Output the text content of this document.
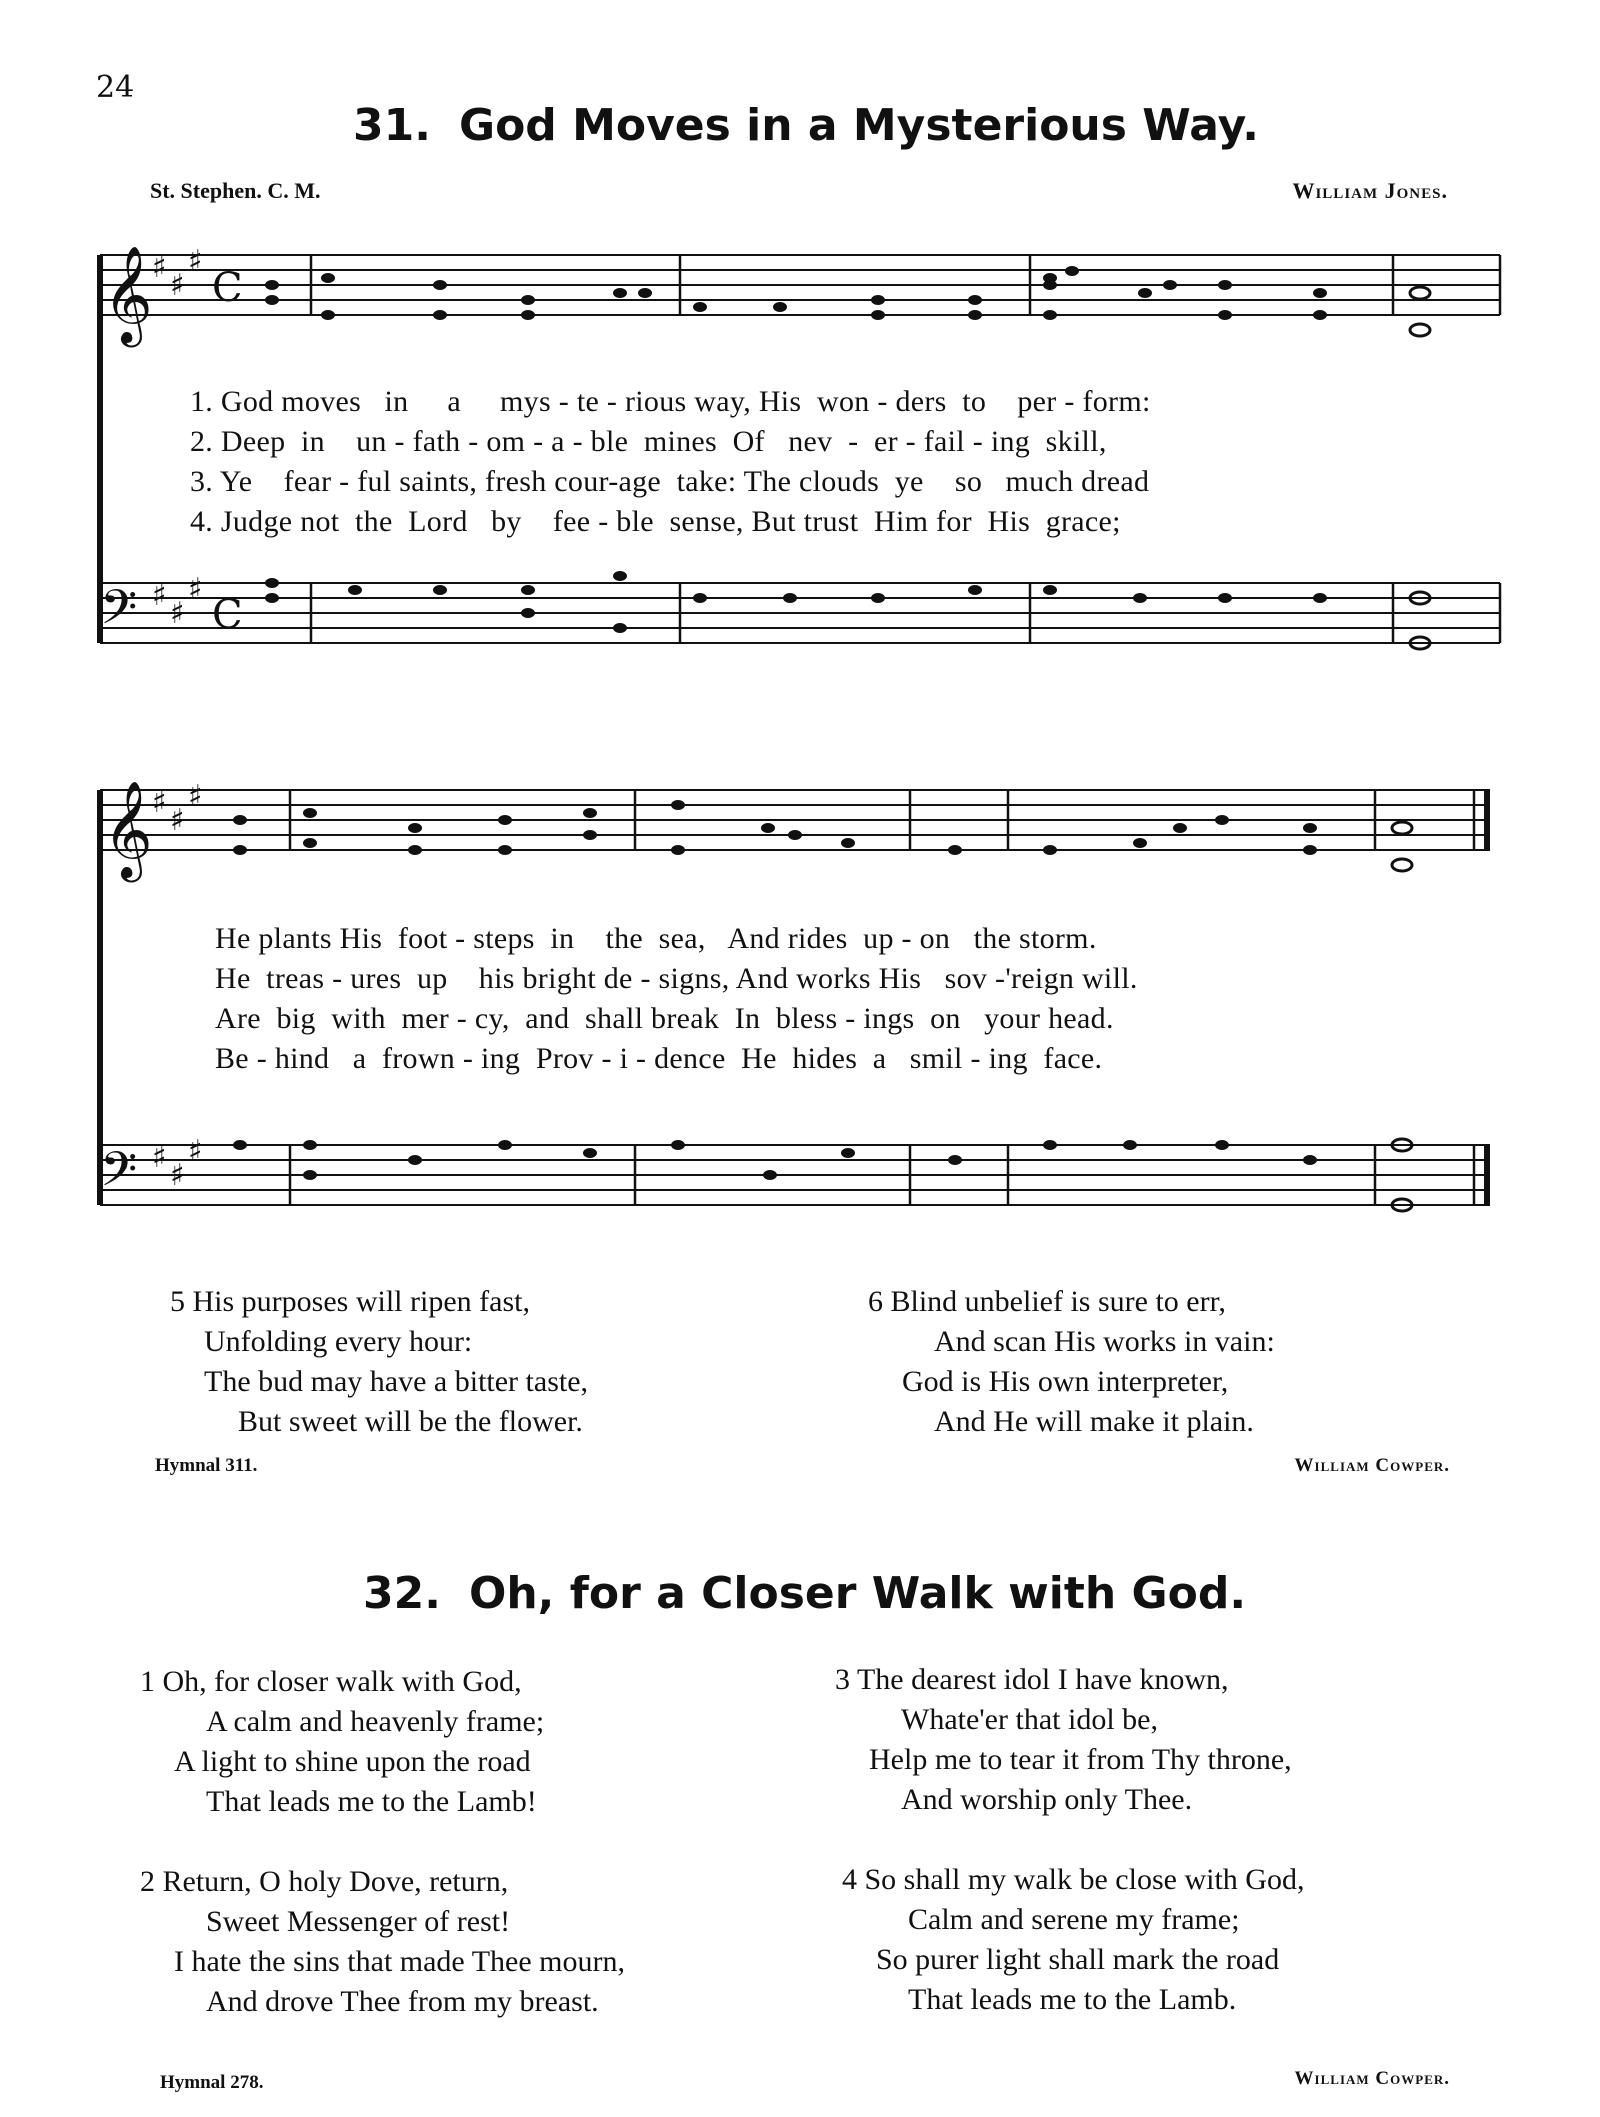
24
31. God Moves in a Mysterious Way.
St. Stephen. C. M.	William Jones.
𝄞 ♯
♯
♯
C
𝄢 ♯
♯
♯
C
1. God moves   in     a     mys - te - rious way, His  won - ders  to    per - form:
2. Deep  in    un - fath - om - a - ble  mines  Of   nev  -  er - fail - ing  skill,
3. Ye    fear - ful saints, fresh cour-age  take: The clouds  ye    so   much dread
4. Judge not  the  Lord   by    fee - ble  sense, But trust  Him for  His  grace;
𝄞 ♯
♯
♯
𝄢 ♯
♯
♯
He plants His  foot - steps  in    the  sea,   And rides  up - on   the storm.
He  treas - ures  up    his bright de - signs, And works His   sov -'reign will.
Are  big  with  mer - cy,  and  shall break  In  bless - ings  on   your head.
Be - hind   a  frown - ing  Prov - i - dence  He  hides  a   smil - ing  face.
5 His purposes will ripen fast,
Unfolding every hour:
The bud may have a bitter taste,
But sweet will be the flower.
6 Blind unbelief is sure to err,
And scan His works in vain:
God is His own interpreter,
And He will make it plain.
Hymnal 311.	William Cowper.
32. Oh, for a Closer Walk with God.
1 Oh, for closer walk with God,
A calm and heavenly frame;
A light to shine upon the road
That leads me to the Lamb!
2 Return, O holy Dove, return,
Sweet Messenger of rest!
I hate the sins that made Thee mourn,
And drove Thee from my breast.
3 The dearest idol I have known,
Whate'er that idol be,
Help me to tear it from Thy throne,
And worship only Thee.
4 So shall my walk be close with God,
Calm and serene my frame;
So purer light shall mark the road
That leads me to the Lamb.
Hymnal 278.	William Cowper.
